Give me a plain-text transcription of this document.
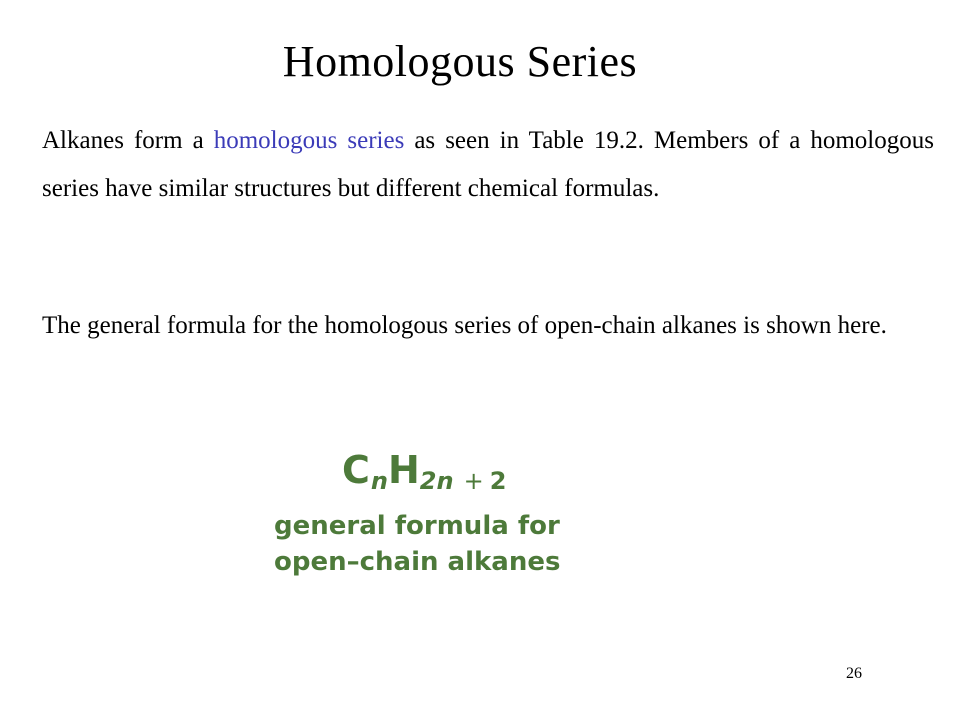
Homologous Series
Alkanes form a homologous series as seen in Table 19.2. Members of a homologous series have similar structures but different chemical formulas.
The general formula for the homologous series of open-chain alkanes is shown here.
CnH2n + 2
general formula for
open–chain alkanes
26
